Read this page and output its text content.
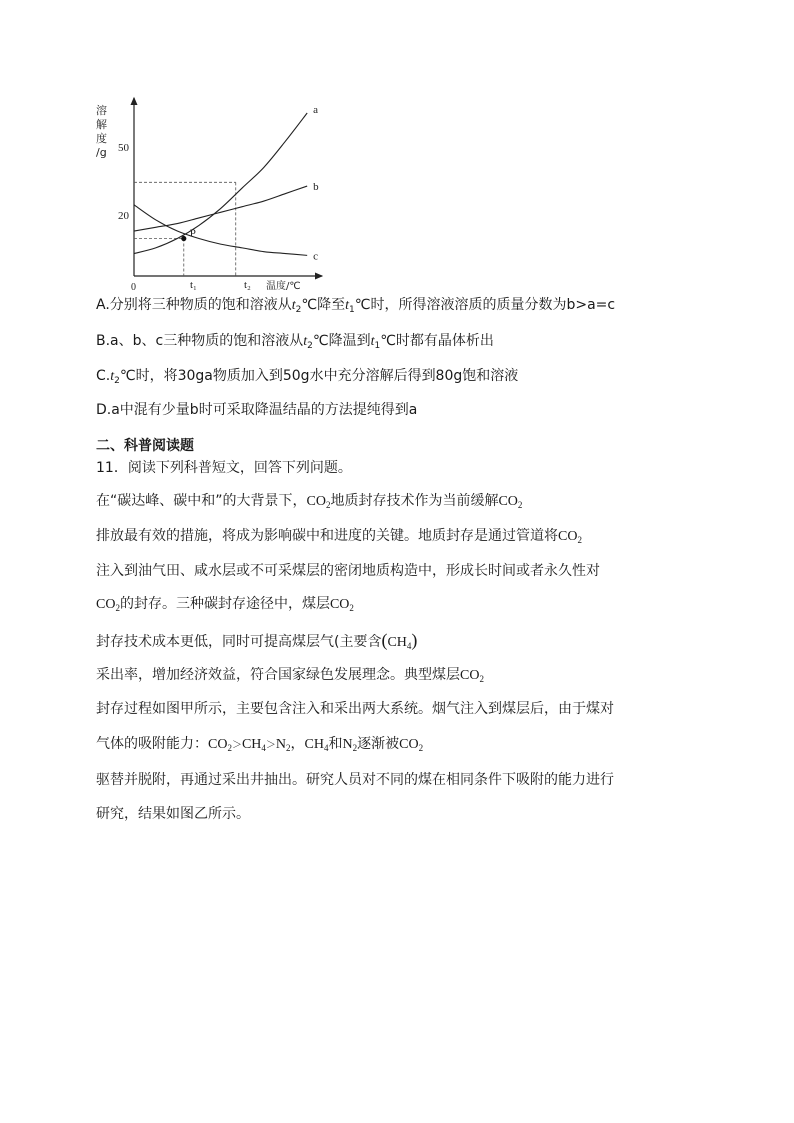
溶
解
度
/g 50
20
0	t₁	t₂ 温度/℃
a
b
c
P
A.分别将三种物质的饱和溶液从$t_2℃$降至$t_1℃$时，所得溶液溶质的质量分数为b>a=c
B.a、b、c三种物质的饱和溶液从$t_2℃$降温到$t_1℃$时都有晶体析出
$C.t_2℃$时，将30ga物质加入到50g水中充分溶解后得到80g饱和溶液
D.a中混有少量b时可采取降温结晶的方法提纯得到a
二、科普阅读题
11．阅读下列科普短文，回答下列问题。
在“碳达峰、碳中和”的大背景下，$CO_2$地质封存技术作为当前缓解$CO_2$
排放最有效的措施，将成为影响碳中和进度的关键。地质封存是通过管道将$CO_2$
注入到油气田、咸水层或不可采煤层的密闭地质构造中，形成长时间或者永久性对
$CO_2$的封存。三种碳封存途径中，煤层$CO_2$
封存技术成本更低，同时可提高煤层气(主要含$(CH_4)$
采出率，增加经济效益，符合国家绿色发展理念。典型煤层$CO_2$
封存过程如图甲所示，主要包含注入和采出两大系统。烟气注入到煤层后，由于煤对
气体的吸附能力：$CO_2>CH_4>N_2$，$CH_4$和$N_2$逐渐被$CO_2$
驱替并脱附，再通过采出井抽出。研究人员对不同的煤在相同条件下吸附的能力进行
研究，结果如图乙所示。
